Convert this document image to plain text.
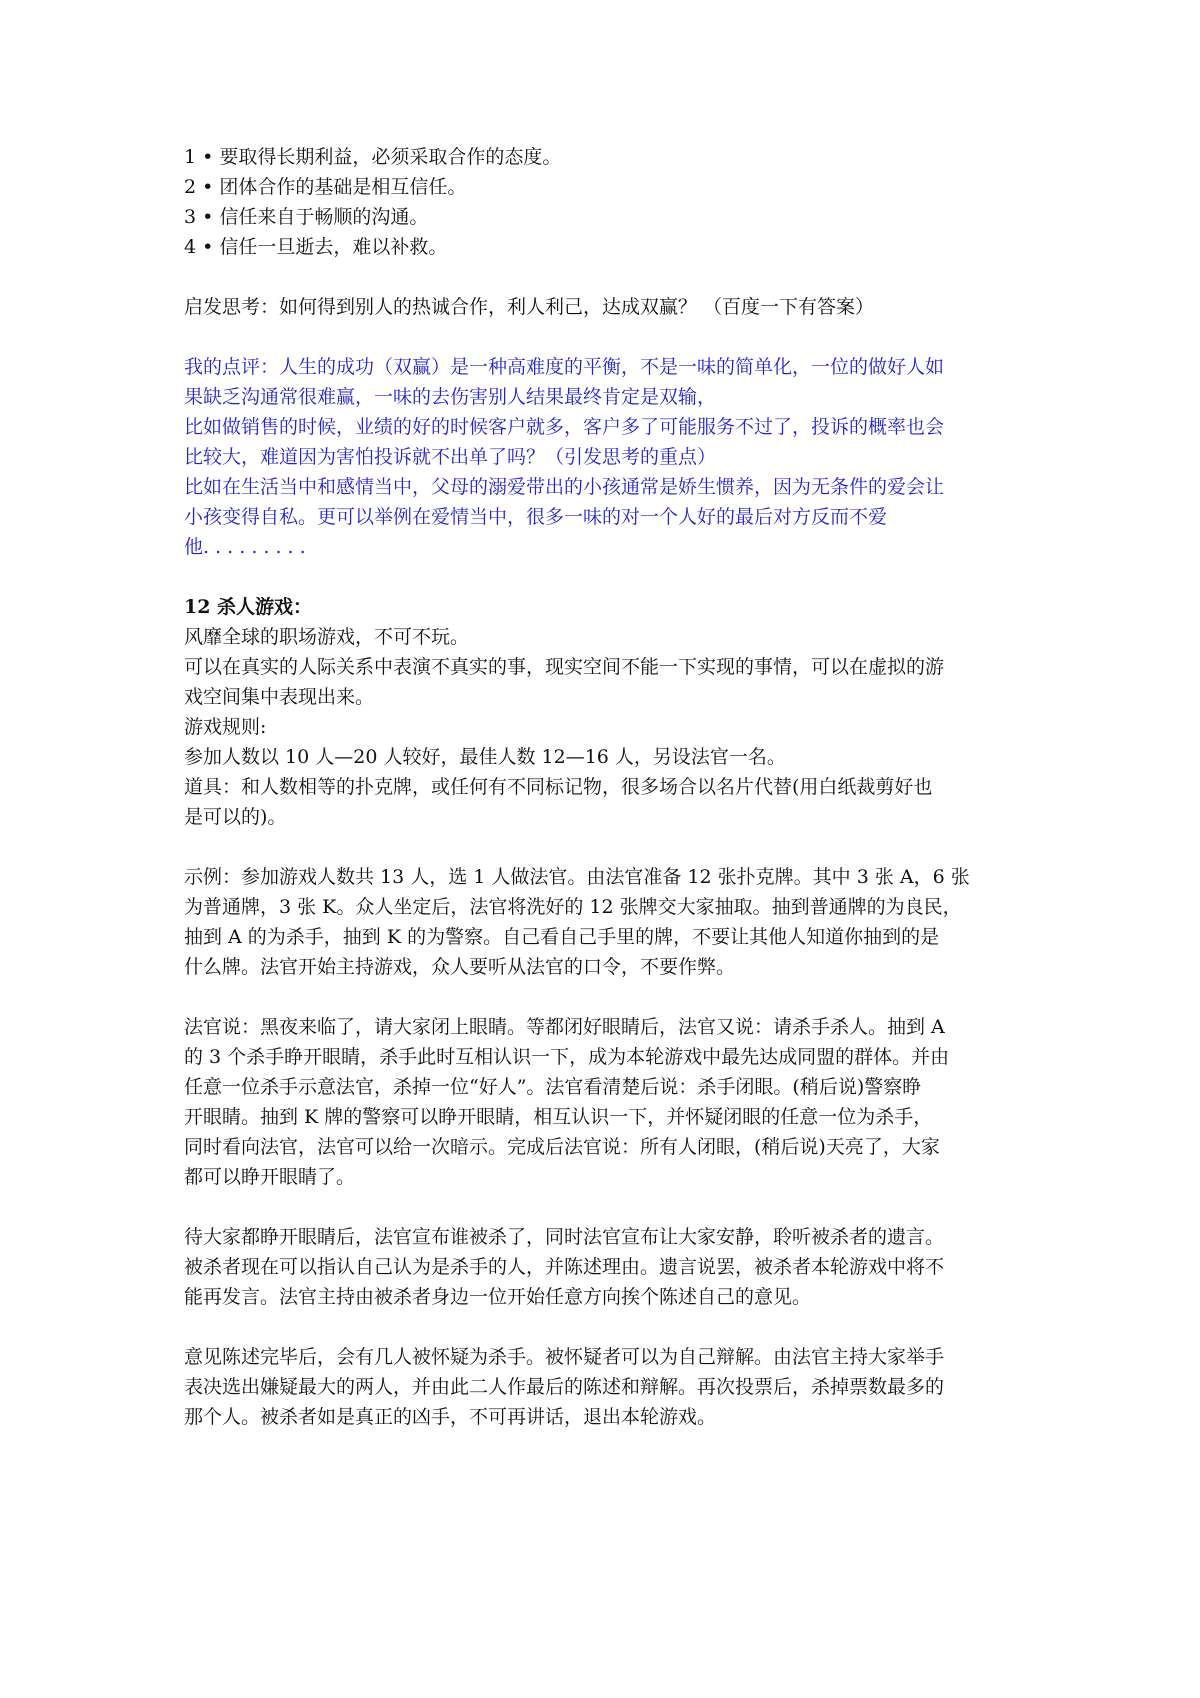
1 • 要取得长期利益，必须采取合作的态度。
2 • 团体合作的基础是相互信任。
3 • 信任来自于畅顺的沟通。
4 • 信任一旦逝去，难以补救。
启发思考：如何得到别人的热诚合作，利人利己，达成双赢？ （百度一下有答案）
我的点评：人生的成功（双赢）是一种高难度的平衡，不是一味的简单化，一位的做好人如
果缺乏沟通常很难赢，一味的去伤害别人结果最终肯定是双输，
比如做销售的时候，业绩的好的时候客户就多，客户多了可能服务不过了，投诉的概率也会
比较大，难道因为害怕投诉就不出单了吗？（引发思考的重点）
比如在生活当中和感情当中，父母的溺爱带出的小孩通常是娇生惯养，因为无条件的爱会让
小孩变得自私。更可以举例在爱情当中，很多一味的对一个人好的最后对方反而不爱
他. . . . . . . . .
12 杀人游戏：
风靡全球的职场游戏，不可不玩。
可以在真实的人际关系中表演不真实的事，现实空间不能一下实现的事情，可以在虚拟的游
戏空间集中表现出来。
游戏规则:
参加人数以 10 人—20 人较好，最佳人数 12—16 人，另设法官一名。
道具：和人数相等的扑克牌，或任何有不同标记物，很多场合以名片代替(用白纸裁剪好也
是可以的)。
示例：参加游戏人数共 13 人，选 1 人做法官。由法官准备 12 张扑克牌。其中 3 张 A，6 张
为普通牌，3 张 K。众人坐定后，法官将洗好的 12 张牌交大家抽取。抽到普通牌的为良民，
抽到 A 的为杀手，抽到 K 的为警察。自己看自己手里的牌，不要让其他人知道你抽到的是
什么牌。法官开始主持游戏，众人要听从法官的口令，不要作弊。
法官说：黑夜来临了，请大家闭上眼睛。等都闭好眼睛后，法官又说：请杀手杀人。抽到 A
的 3 个杀手睁开眼睛，杀手此时互相认识一下，成为本轮游戏中最先达成同盟的群体。并由
任意一位杀手示意法官，杀掉一位“好人”。法官看清楚后说：杀手闭眼。(稍后说)警察睁
开眼睛。抽到 K 牌的警察可以睁开眼睛，相互认识一下，并怀疑闭眼的任意一位为杀手，
同时看向法官，法官可以给一次暗示。完成后法官说：所有人闭眼，(稍后说)天亮了，大家
都可以睁开眼睛了。
待大家都睁开眼睛后，法官宣布谁被杀了，同时法官宣布让大家安静，聆听被杀者的遗言。
被杀者现在可以指认自己认为是杀手的人，并陈述理由。遗言说罢，被杀者本轮游戏中将不
能再发言。法官主持由被杀者身边一位开始任意方向挨个陈述自己的意见。
意见陈述完毕后，会有几人被怀疑为杀手。被怀疑者可以为自己辩解。由法官主持大家举手
表决选出嫌疑最大的两人，并由此二人作最后的陈述和辩解。再次投票后，杀掉票数最多的
那个人。被杀者如是真正的凶手，不可再讲话，退出本轮游戏。
